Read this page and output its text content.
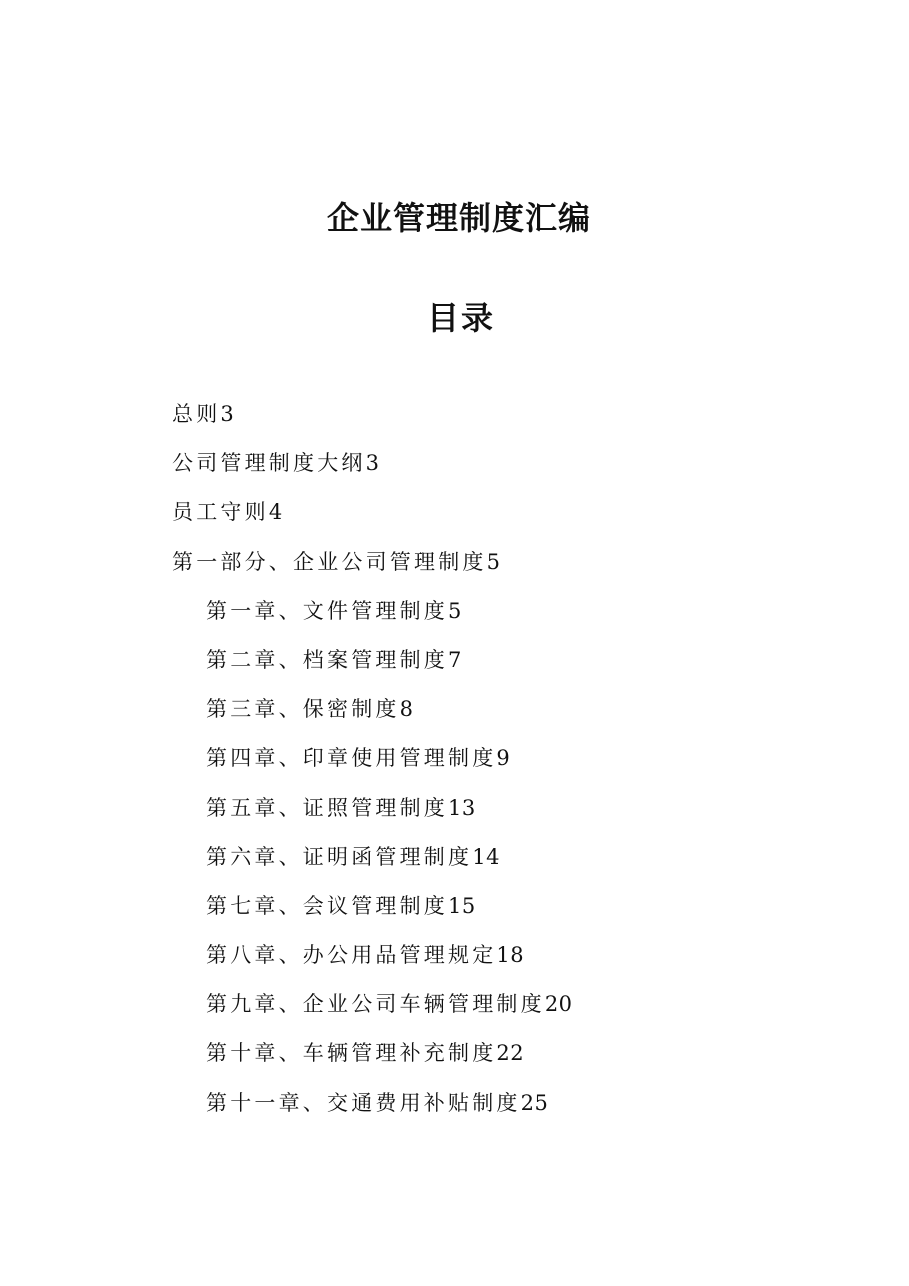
企业管理制度汇编
目录
总则3
公司管理制度大纲3
员工守则4
第一部分、企业公司管理制度5
第一章、文件管理制度5
第二章、档案管理制度7
第三章、保密制度8
第四章、印章使用管理制度9
第五章、证照管理制度13
第六章、证明函管理制度14
第七章、会议管理制度15
第八章、办公用品管理规定18
第九章、企业公司车辆管理制度20
第十章、车辆管理补充制度22
第十一章、交通费用补贴制度25
